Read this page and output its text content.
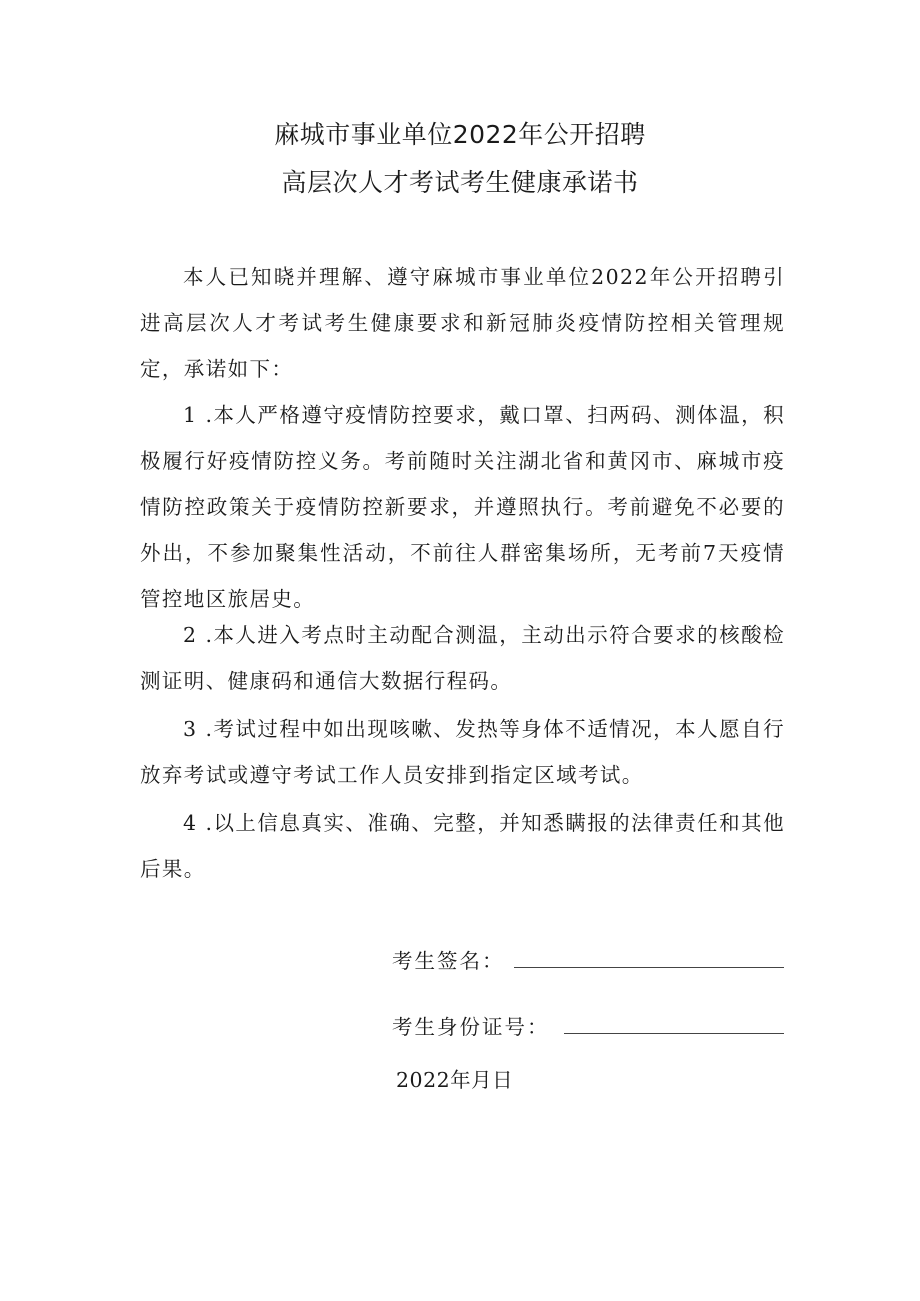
麻城市事业单位2022年公开招聘
高层次人才考试考生健康承诺书

本人已知晓并理解、遵守麻城市事业单位2022年公开招聘引进高层次人才考试考生健康要求和新冠肺炎疫情防控相关管理规定，承诺如下：

1 .本人严格遵守疫情防控要求，戴口罩、扫两码、测体温，积极履行好疫情防控义务。考前随时关注湖北省和黄冈市、麻城市疫情防控政策关于疫情防控新要求，并遵照执行。考前避免不必要的外出，不参加聚集性活动，不前往人群密集场所，无考前7天疫情管控地区旅居史。

2 .本人进入考点时主动配合测温，主动出示符合要求的核酸检测证明、健康码和通信大数据行程码。

3 .考试过程中如出现咳嗽、发热等身体不适情况，本人愿自行放弃考试或遵守考试工作人员安排到指定区域考试。

4 .以上信息真实、准确、完整，并知悉瞒报的法律责任和其他后果。

考生签名：
考生身份证号：
2022年月日
